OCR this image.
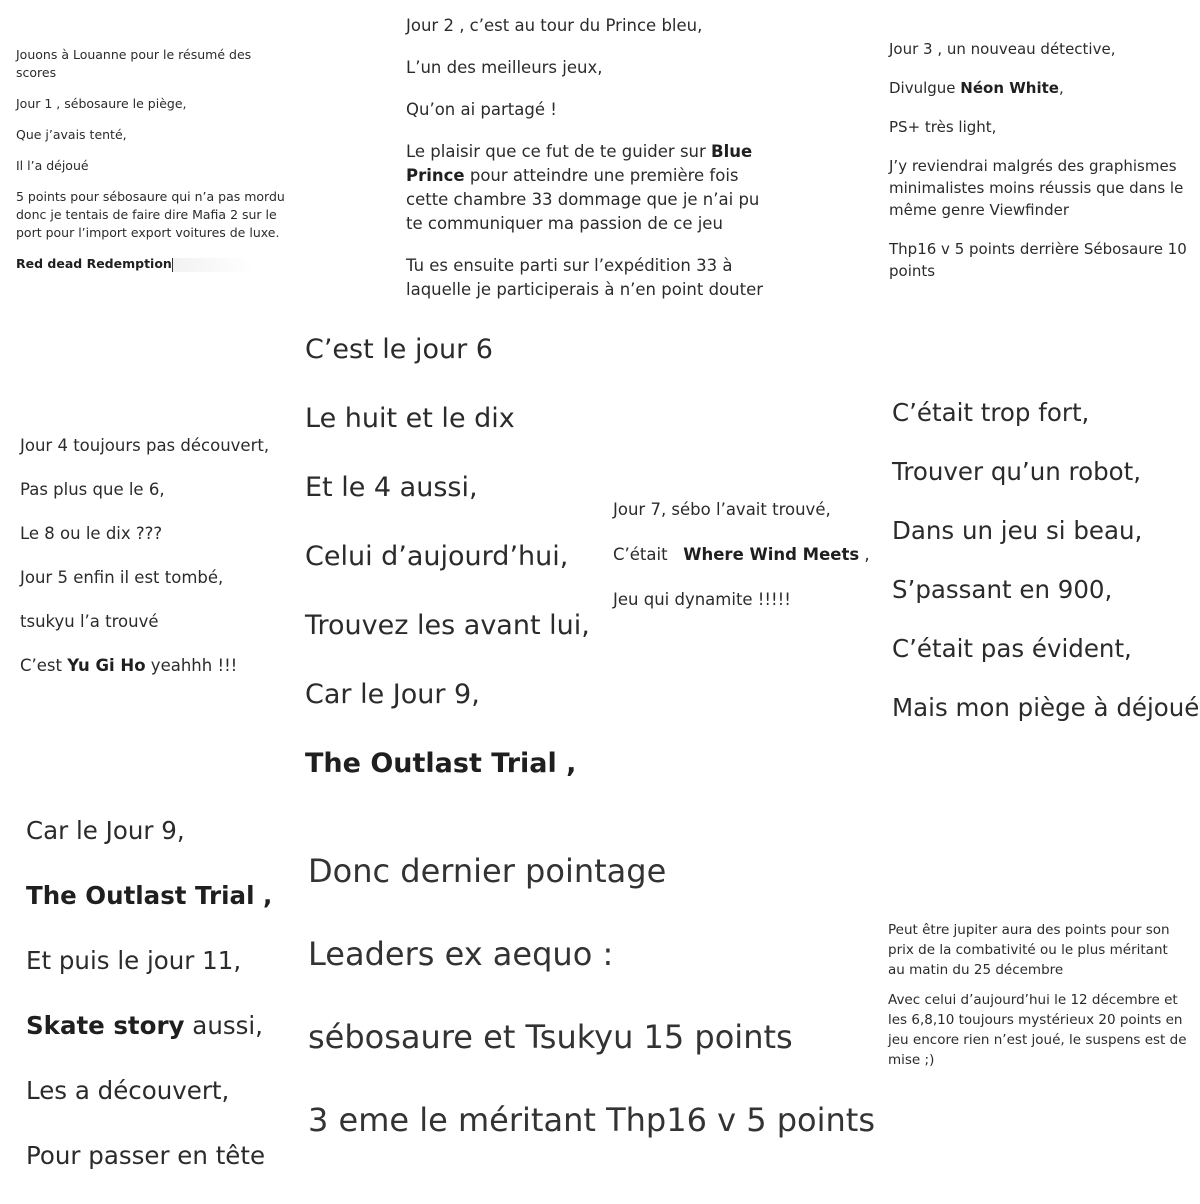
Jouons à Louanne pour le résumé des scores

Jour 1 , sébosaure le piège,

Que j’avais tenté,

Il l’a déjoué

5 points pour sébosaure qui n’a pas mordu donc je tentais de faire dire Mafia 2 sur le port pour l’import export voitures de luxe.

Red dead Redemption

Jour 2 , c’est au tour du Prince bleu,

L’un des meilleurs jeux,

Qu’on ai partagé !

Le plaisir que ce fut de te guider sur Blue Prince pour atteindre une première fois cette chambre 33 dommage que je n’ai pu te communiquer ma passion de ce jeu

Tu es ensuite parti sur l’expédition 33 à laquelle je participerais à n’en point douter

Jour 3 , un nouveau détective,

Divulgue Néon White,

PS+ très light,

J’y reviendrai malgrés des graphismes minimalistes moins réussis que dans le même genre Viewfinder

Thp16 v 5 points derrière Sébosaure 10 points

Jour 4 toujours pas découvert,

Pas plus que le 6,

Le 8 ou le dix ???

Jour 5 enfin il est tombé,

tsukyu l’a trouvé

C’est Yu Gi Ho yeahhh !!!

C’est le jour 6

Le huit et le dix

Et le 4 aussi,

Celui d’aujourd’hui,

Trouvez les avant lui,

Car le Jour 9,

The Outlast Trial ,

Jour 7, sébo l’avait trouvé,

C’était   Where Wind Meets ,

Jeu qui dynamite !!!!!

C’était trop fort,

Trouver qu’un robot,

Dans un jeu si beau,

S’passant en 900,

C’était pas évident,

Mais mon piège à déjoué

Car le Jour 9,

The Outlast Trial ,

Et puis le jour 11,

Skate story aussi,

Les a découvert,

Pour passer en tête

Donc dernier pointage

Leaders ex aequo :

sébosaure et Tsukyu 15 points

3 eme le méritant Thp16 v 5 points

Peut être jupiter aura des points pour son prix de la combativité ou le plus méritant au matin du 25 décembre

Avec celui d’aujourd’hui le 12 décembre et les 6,8,10 toujours mystérieux 20 points en jeu encore rien n’est joué, le suspens est de mise ;)
